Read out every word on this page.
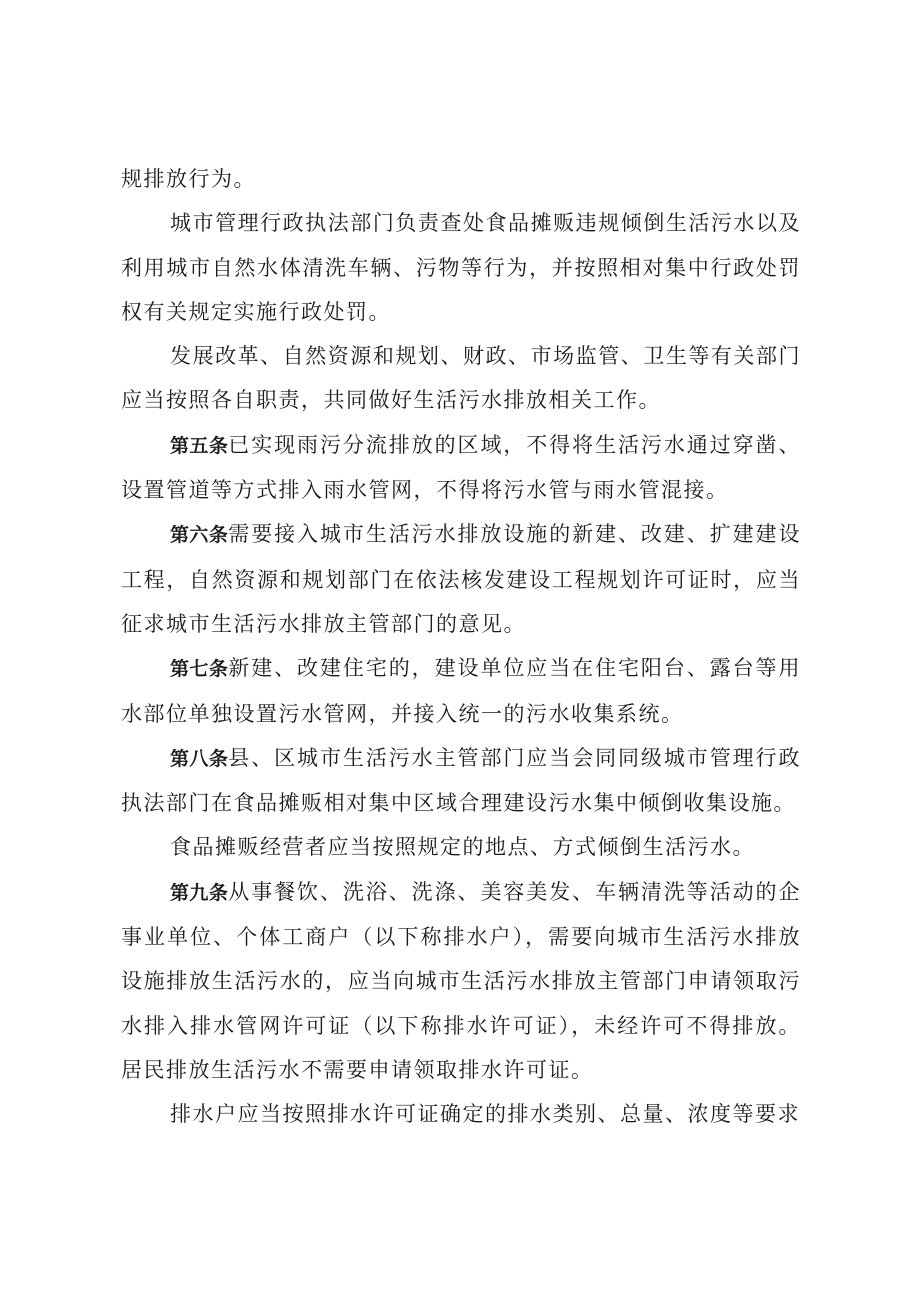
规排放行为。

城市管理行政执法部门负责查处食品摊贩违规倾倒生活污水以及利用城市自然水体清洗车辆、污物等行为，并按照相对集中行政处罚权有关规定实施行政处罚。

发展改革、自然资源和规划、财政、市场监管、卫生等有关部门应当按照各自职责，共同做好生活污水排放相关工作。

第五条已实现雨污分流排放的区域，不得将生活污水通过穿凿、设置管道等方式排入雨水管网，不得将污水管与雨水管混接。

第六条需要接入城市生活污水排放设施的新建、改建、扩建建设工程，自然资源和规划部门在依法核发建设工程规划许可证时，应当征求城市生活污水排放主管部门的意见。

第七条新建、改建住宅的，建设单位应当在住宅阳台、露台等用水部位单独设置污水管网，并接入统一的污水收集系统。

第八条县、区城市生活污水主管部门应当会同同级城市管理行政执法部门在食品摊贩相对集中区域合理建设污水集中倾倒收集设施。

食品摊贩经营者应当按照规定的地点、方式倾倒生活污水。

第九条从事餐饮、洗浴、洗涤、美容美发、车辆清洗等活动的企事业单位、个体工商户（以下称排水户），需要向城市生活污水排放设施排放生活污水的，应当向城市生活污水排放主管部门申请领取污水排入排水管网许可证（以下称排水许可证），未经许可不得排放。居民排放生活污水不需要申请领取排水许可证。

排水户应当按照排水许可证确定的排水类别、总量、浓度等要求
